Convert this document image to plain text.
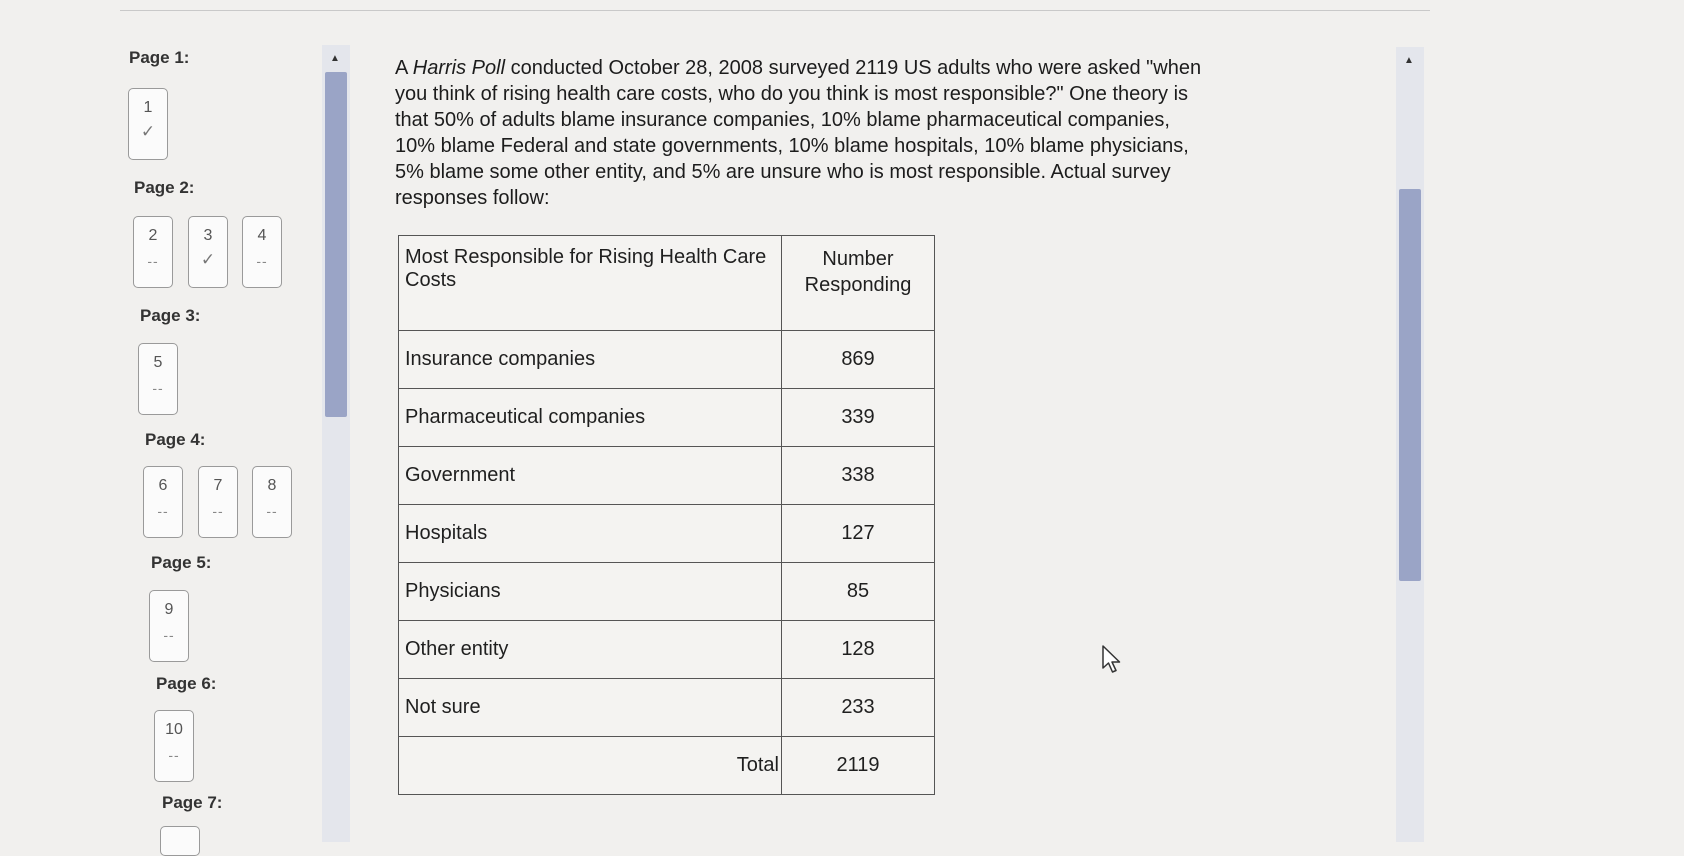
Page 1:
1
✓
Page 2:
2
--
3
✓
4
--
Page 3:
5
--
Page 4:
6
--
7
--
8
--
Page 5:
9
--
Page 6:
10
--
Page 7:
▲	A Harris Poll conducted October 28, 2008 surveyed 2119 US adults who were asked "when you think of rising health care costs, who do you think is most responsible?" One theory is that 50% of adults blame insurance companies, 10% blame pharmaceutical companies, 10% blame Federal and state governments, 10% blame hospitals, 10% blame physicians, 5% blame some other entity, and 5% are unsure who is most responsible. Actual survey responses follow:
Most Responsible for Rising Health Care Costs	Number Responding
Insurance companies	869
Pharmaceutical companies	339
Government	338
Hospitals	127
Physicians	85
Other entity	128
Not sure	233
Total	2119
▲
